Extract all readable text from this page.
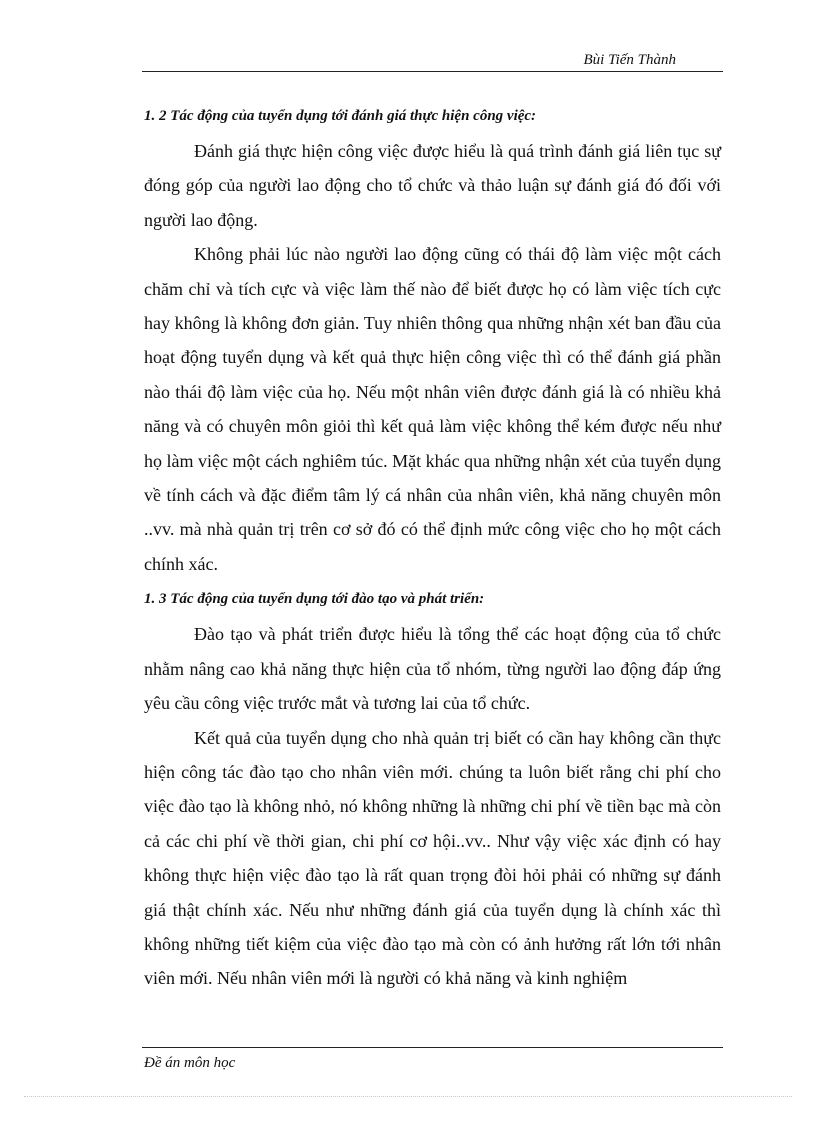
Bùi Tiến Thành

1. 2 Tác động của tuyển dụng tới đánh giá thực hiện công việc:

Đánh giá thực hiện công việc được hiểu là quá trình đánh giá liên tục sự đóng góp của người lao động cho tổ chức và thảo luận sự đánh giá đó đối với người lao động.

Không phải lúc nào người lao động cũng có thái độ làm việc một cách chăm chỉ và tích cực và việc làm thế nào để biết được họ có làm việc tích cực hay không là không đơn giản. Tuy nhiên thông qua những nhận xét ban đầu của hoạt động tuyển dụng và kết quả thực hiện công việc thì có thể đánh giá phần nào thái độ làm việc của họ. Nếu một nhân viên được đánh giá là có nhiều khả năng và có chuyên môn giỏi thì kết quả làm việc không thể kém được nếu như họ làm việc một cách nghiêm túc. Mặt khác qua những nhận xét của tuyển dụng về tính cách và đặc điểm tâm lý cá nhân của nhân viên, khả năng chuyên môn ..vv. mà nhà quản trị trên cơ sở đó có thể định mức công việc cho họ một cách chính xác.

1. 3 Tác động của tuyển dụng tới đào tạo và phát triển:

Đào tạo và phát triển được hiểu là tổng thể các hoạt động của tổ chức nhằm nâng cao khả năng thực hiện của tổ nhóm, từng người lao động đáp ứng yêu cầu công việc trước mắt và tương lai của tổ chức.

Kết quả của tuyển dụng cho nhà quản trị biết có cần hay không cần thực hiện công tác đào tạo cho nhân viên mới. chúng ta luôn biết rằng chi phí cho việc đào tạo là không nhỏ, nó không những là những chi phí về tiền bạc mà còn cả các chi phí về thời gian, chi phí cơ hội..vv.. Như vậy việc xác định có hay không thực hiện việc đào tạo là rất quan trọng đòi hỏi phải có những sự đánh giá thật chính xác. Nếu như những đánh giá của tuyển dụng là chính xác thì không những tiết kiệm của việc đào tạo mà còn có ảnh hưởng rất lớn tới nhân viên mới. Nếu nhân viên mới là người có khả năng và kinh nghiệm

Đề án môn học
